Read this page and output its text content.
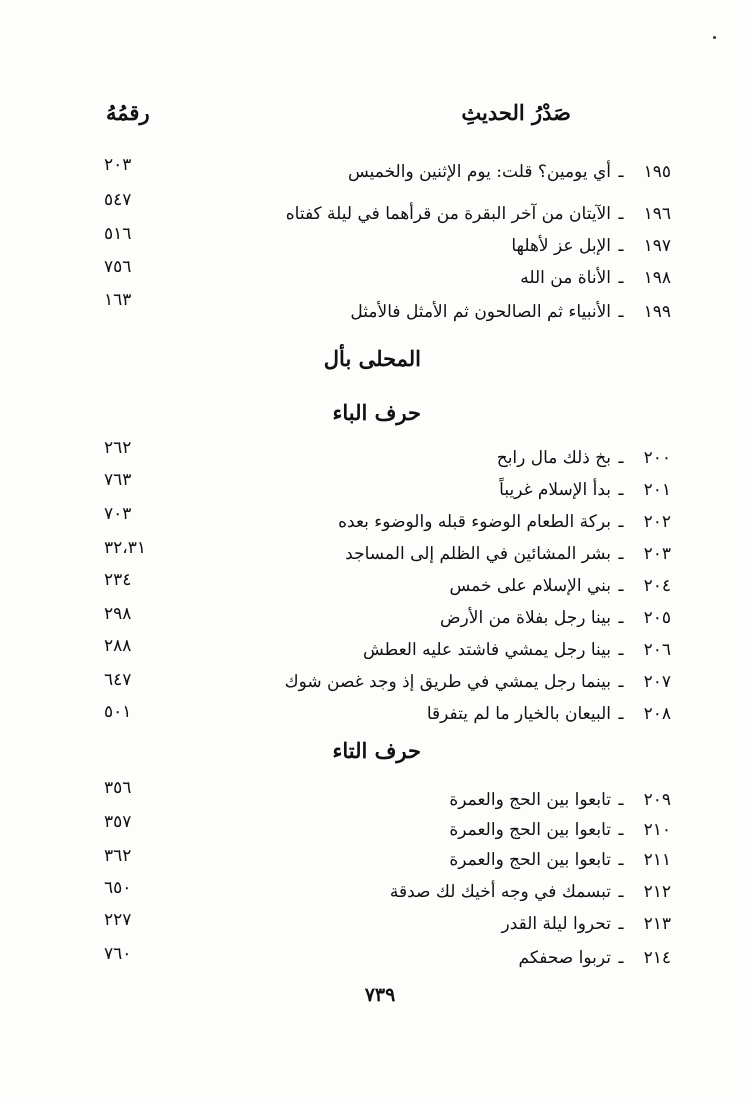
صَدْرُ الحديثِ
رقمُهُ
١٩٥ـأي يومين؟ قلت: يوم الإثنين والخميس
٢٠٣
١٩٦ـالآيتان من آخر البقرة من قرأهما في ليلة كفتاه
٥٤٧
١٩٧ـالإبل عز لأهلها
٥١٦
١٩٨ـالأناة من الله
٧٥٦
١٩٩ـالأنبياء ثم الصالحون ثم الأمثل فالأمثل
١٦٣
المحلى بأل
حرف الباء
٢٠٠ـبخ ذلك مال رابح
٢٦٢
٢٠١ـبدأ الإسلام غريباً
٧٦٣
٢٠٢ـبركة الطعام الوضوء قبله والوضوء بعده
٧٠٣
٢٠٣ـبشر المشائين في الظلم إلى المساجد
٣٢،٣١
٢٠٤ـبني الإسلام على خمس
٢٣٤
٢٠٥ـبينا رجل بفلاة من الأرض
٢٩٨
٢٠٦ـبينا رجل يمشي فاشتد عليه العطش
٢٨٨
٢٠٧ـبينما رجل يمشي في طريق إذ وجد غصن شوك
٦٤٧
٢٠٨ـالبيعان بالخيار ما لم يتفرقا
٥٠١
حرف التاء
٢٠٩ـتابعوا بين الحج والعمرة
٣٥٦
٢١٠ـتابعوا بين الحج والعمرة
٣٥٧
٢١١ـتابعوا بين الحج والعمرة
٣٦٢
٢١٢ـتبسمك في وجه أخيك لك صدقة
٦٥٠
٢١٣ـتحروا ليلة القدر
٢٢٧
٢١٤ـتربوا صحفكم
٧٦٠
٧٣٩
